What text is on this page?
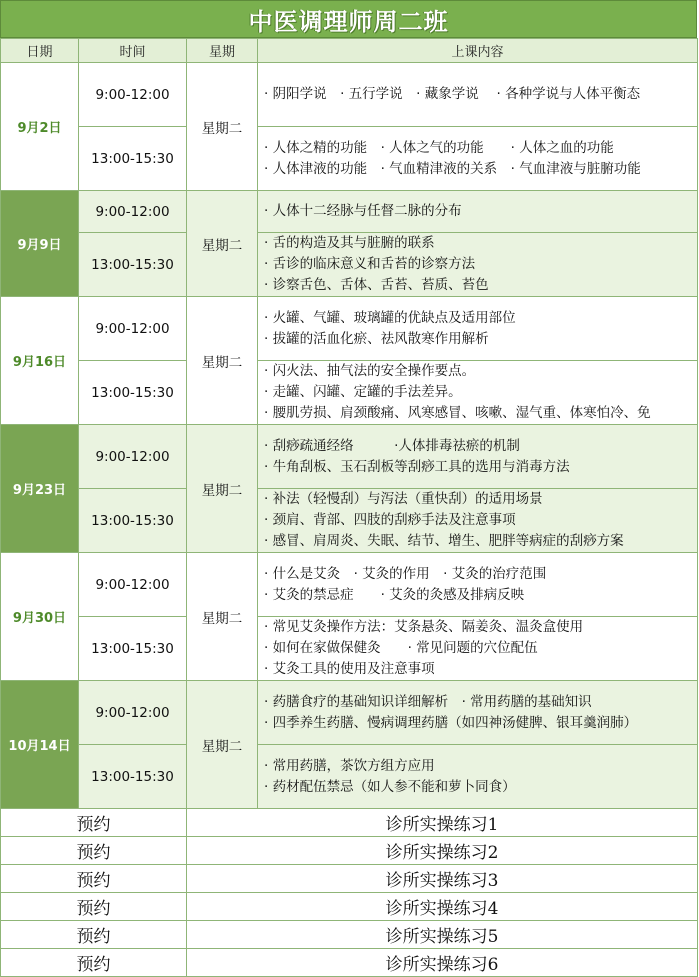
中医调理师周二班
日期	时间	星期	上课内容
9月2日	9:00-12:00	星期二	· 阴阳学说　· 五行学说　· 藏象学说　 · 各种学说与人体平衡态

	13:00-15:30		· 人体之精的功能　· 人体之气的功能　　· 人体之血的功能
· 人体津液的功能　· 气血精津液的关系　· 气血津液与脏腑功能

9月9日	9:00-12:00	星期二	· 人体十二经脉与任督二脉的分布

	13:00-15:30		· 舌的构造及其与脏腑的联系
· 舌诊的临床意义和舌苔的诊察方法
· 诊察舌色、舌体、舌苔、苔质、苔色

9月16日	9:00-12:00	星期二	· 火罐、气罐、玻璃罐的优缺点及适用部位
· 拔罐的活血化瘀、祛风散寒作用解析

	13:00-15:30		· 闪火法、抽气法的安全操作要点。
· 走罐、闪罐、定罐的手法差异。
· 腰肌劳损、肩颈酸痛、风寒感冒、咳嗽、湿气重、体寒怕冷、免

9月23日	9:00-12:00	星期二	· 刮痧疏通经络　　　·人体排毒祛瘀的机制
· 牛角刮板、玉石刮板等刮痧工具的选用与消毒方法

	13:00-15:30		· 补法（轻慢刮）与泻法（重快刮）的适用场景
· 颈肩、背部、四肢的刮痧手法及注意事项
· 感冒、肩周炎、失眠、结节、增生、肥胖等病症的刮痧方案

9月30日	9:00-12:00	星期二	· 什么是艾灸　· 艾灸的作用　· 艾灸的治疗范围
· 艾灸的禁忌症　　· 艾灸的灸感及排病反映

	13:00-15:30		· 常见艾灸操作方法：艾条悬灸、隔姜灸、温灸盒使用
· 如何在家做保健灸　　· 常见问题的穴位配伍
· 艾灸工具的使用及注意事项

10月14日	9:00-12:00	星期二	· 药膳食疗的基础知识详细解析　· 常用药膳的基础知识
· 四季养生药膳、慢病调理药膳（如四神汤健脾、银耳羹润肺）

	13:00-15:30		· 常用药膳，茶饮方组方应用
· 药材配伍禁忌（如人参不能和萝卜同食）

预约		诊所实操练习1	
预约		诊所实操练习2	
预约		诊所实操练习3	
预约		诊所实操练习4	
预约		诊所实操练习5	
预约		诊所实操练习6	
